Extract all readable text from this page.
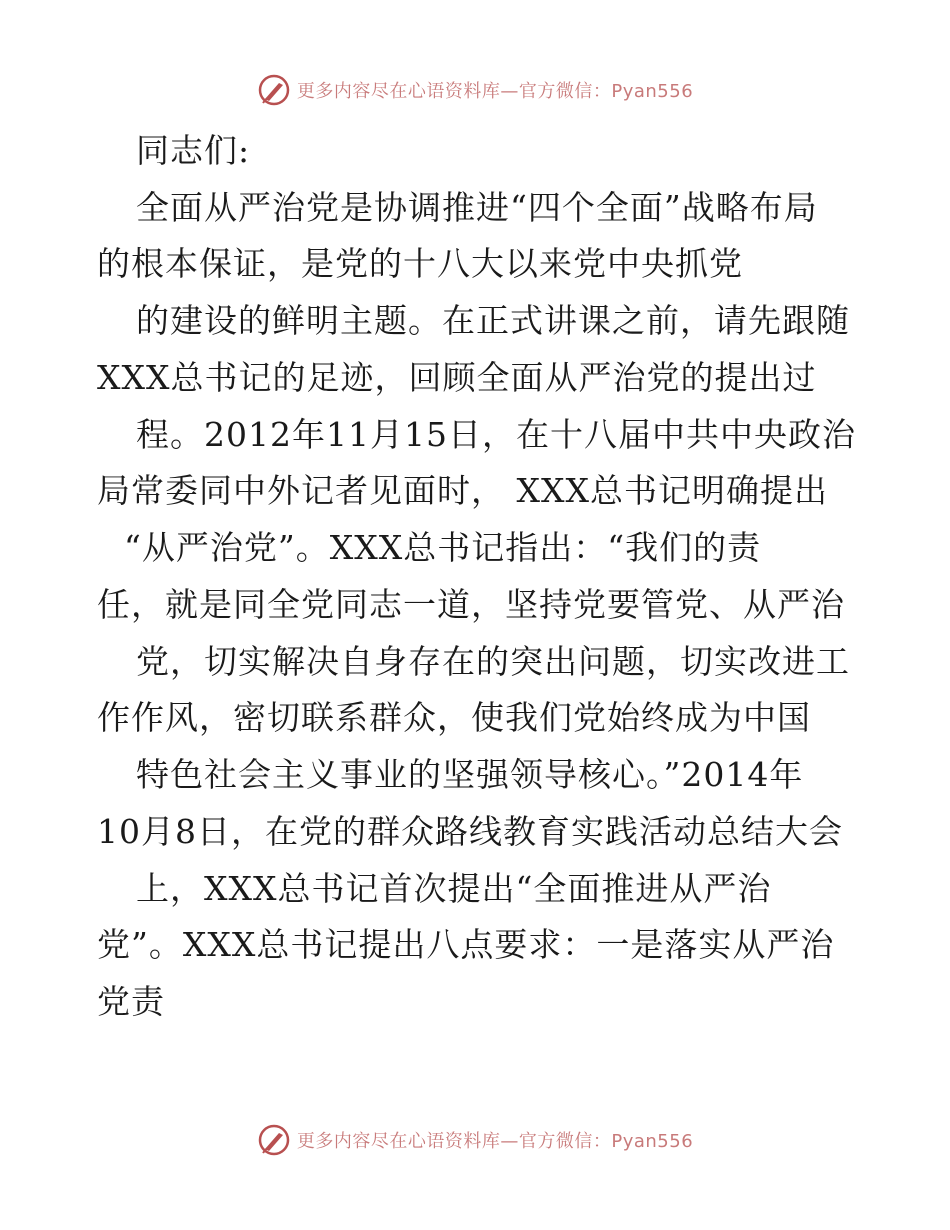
更多内容尽在心语资料库—官方微信：Pyan556
同志们:
全面从严治党是协调推进“四个全面”战略布局
的根本保证，是党的十八大以来党中央抓党
的建设的鲜明主题。在正式讲课之前，请先跟随
XXX总书记的足迹，回顾全面从严治党的提出过
程。2012年11月15日，在十八届中共中央政治
局常委同中外记者见面时， XXX总书记明确提出
“从严治党”。XXX总书记指出：“我们的责
任，就是同全党同志一道，坚持党要管党、从严治
党，切实解决自身存在的突出问题，切实改进工
作作风，密切联系群众，使我们党始终成为中国
特色社会主义事业的坚强领导核心。”2014年
10月8日，在党的群众路线教育实践活动总结大会
上，XXX总书记首次提出“全面推进从严治
党”。XXX总书记提出八点要求：一是落实从严治
党责
更多内容尽在心语资料库—官方微信：Pyan556
